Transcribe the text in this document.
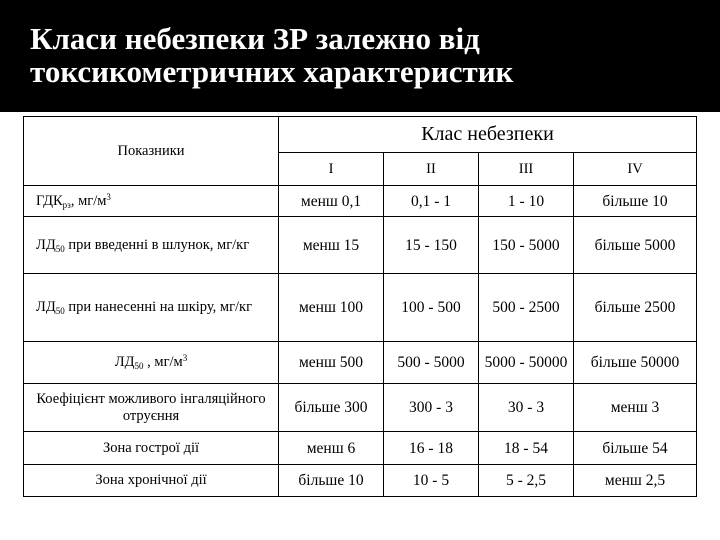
Класи небезпеки ЗР залежно від
токсикометричних характеристик
Показники	Клас небезпеки			
	I	II	III	IV
$ГДК_{рз}$, $мг/м^3$	менш 0,1	0,1 - 1	1 - 10	більше 10
$ЛД_{50}$ при введенні в шлунок, мг/кг	менш 15	15 - 150	150 - 5000	більше 5000
$ЛД_{50}$ при нанесенні на шкіру, мг/кг	менш 100	100 - 500	500 - 2500	більше 2500
$ЛД_{50}$ , $мг/м^3$	менш 500	500 - 5000	5000 - 50000	більше 50000
Коефіцієнт можливого інгаляційного отруєння	більше 300	300 - 3	30 - 3	менш 3
Зона гострої дії	менш 6	16 - 18	18 - 54	більше 54
Зона хронічної дії	більше 10	10 - 5	5 - 2,5	менш 2,5
